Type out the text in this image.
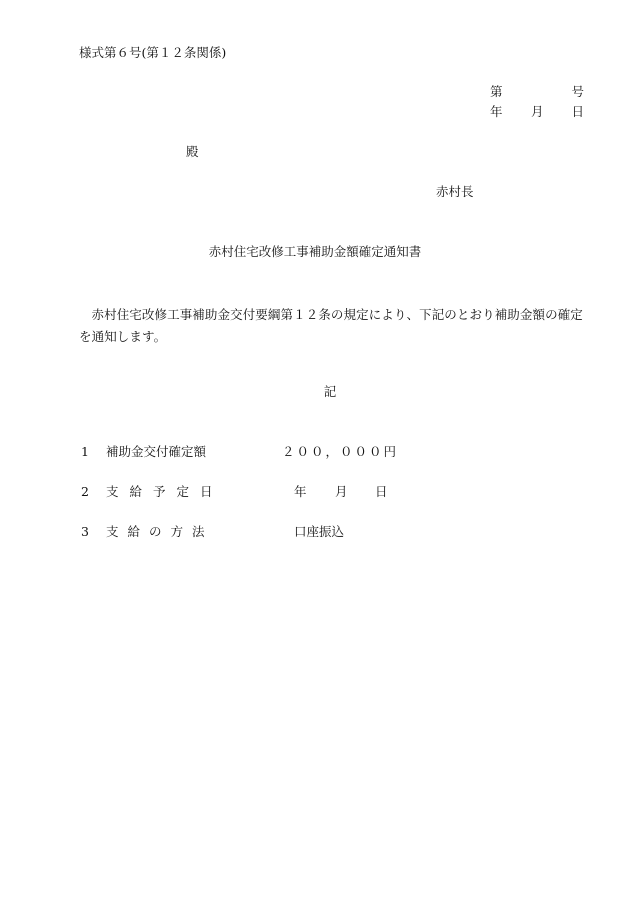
様式第６号(第１２条関係)
第	号
年 月 日
殿
赤村長
赤村住宅改修工事補助金額確定通知書
赤村住宅改修工事補助金交付要綱第１２条の規定により、下記のとおり補助金額の確定を通知します。
記
1 補助金交付確定額	２００，０００円
2 支給予定日	年 月 日
3 支給の方法	口座振込
